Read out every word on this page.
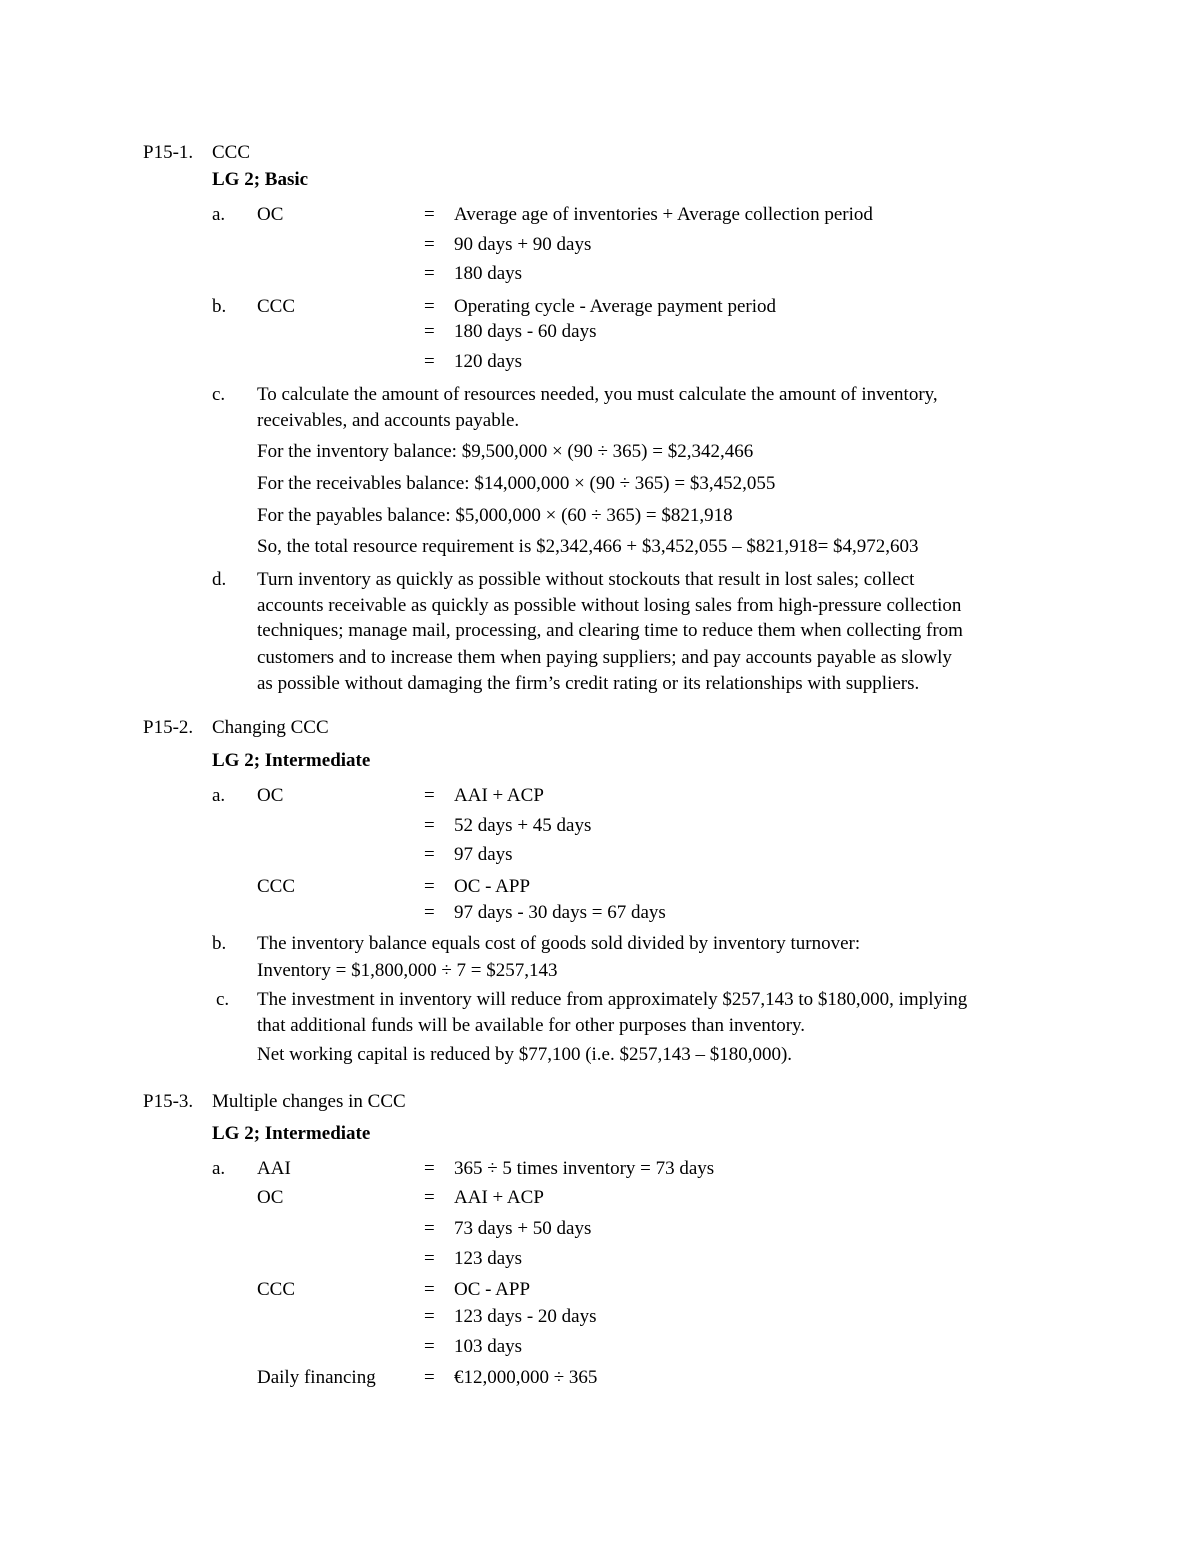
P15-1. CCC
LG 2; Basic
a. OC	= Average age of inventories + Average collection period
= 90 days + 90 days
= 180 days
b. CCC	= Operating cycle - Average payment period
= 180 days - 60 days
= 120 days
c. To calculate the amount of resources needed, you must calculate the amount of inventory,
receivables, and accounts payable.
For the inventory balance: $9,500,000 × (90 ÷ 365) = $2,342,466
For the receivables balance: $14,000,000 × (90 ÷ 365) = $3,452,055
For the payables balance: $5,000,000 × (60 ÷ 365) = $821,918
So, the total resource requirement is $2,342,466 + $3,452,055 – $821,918= $4,972,603
d. Turn inventory as quickly as possible without stockouts that result in lost sales; collect
accounts receivable as quickly as possible without losing sales from high-pressure collection
techniques; manage mail, processing, and clearing time to reduce them when collecting from
customers and to increase them when paying suppliers; and pay accounts payable as slowly
as possible without damaging the firm’s credit rating or its relationships with suppliers.
P15-2. Changing CCC
LG 2; Intermediate
a. OC	= AAI + ACP
= 52 days + 45 days
= 97 days
CCC	= OC - APP
= 97 days - 30 days = 67 days
b. The inventory balance equals cost of goods sold divided by inventory turnover:
Inventory = $1,800,000 ÷ 7 = $257,143
c. The investment in inventory will reduce from approximately $257,143 to $180,000, implying
that additional funds will be available for other purposes than inventory.
Net working capital is reduced by $77,100 (i.e. $257,143 – $180,000).
P15-3. Multiple changes in CCC
LG 2; Intermediate
a. AAI	= 365 ÷ 5 times inventory = 73 days
OC	= AAI + ACP
= 73 days + 50 days
= 123 days
CCC	= OC - APP
= 123 days - 20 days
= 103 days
Daily financing	= €12,000,000 ÷ 365
